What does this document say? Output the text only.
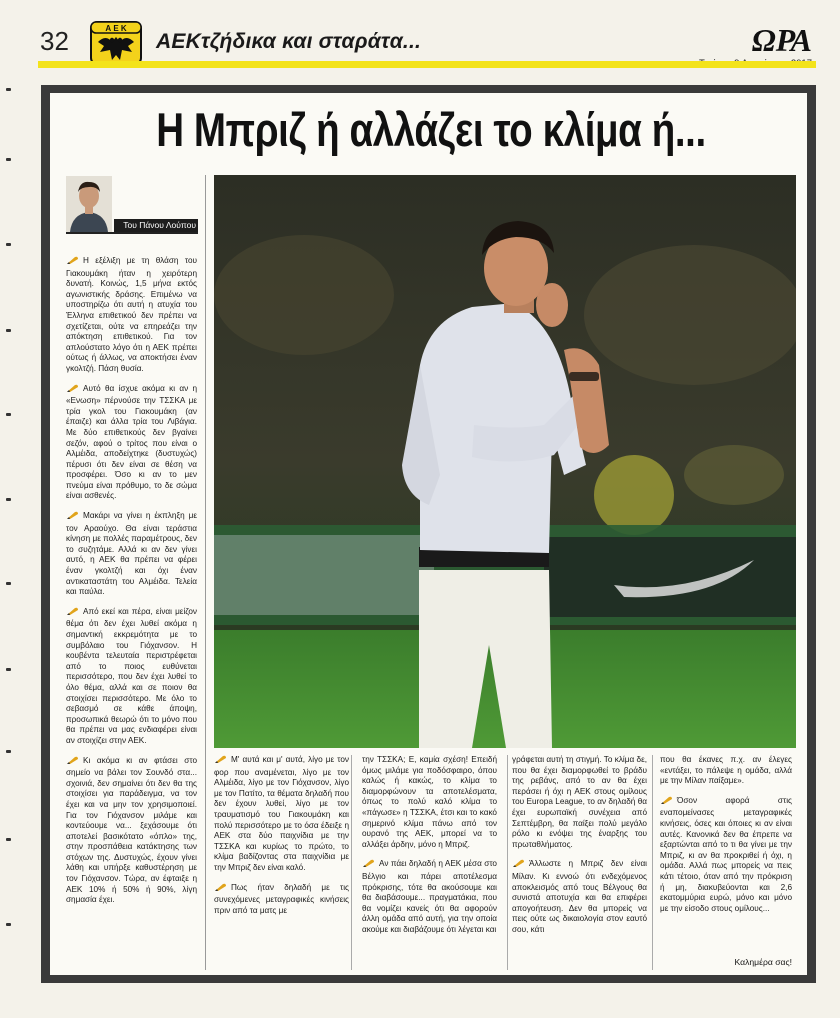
32	Α Ε Κ
ΑΕΚτζήδικα και σταράτα...	ΩΡΑ
Η Μπριζ ή αλλάζει το κλίμα ή...
Του Πάνου Λούπου

Η εξέλιξη με τη θλάση του Γιακουμάκη ήταν η χειρότερη δυνατή. Κοινώς, 1,5 μήνα εκτός αγωνιστικής δράσης. Επιμένω να υποστηρίζω ότι αυτή η ατυχία του Έλληνα επιθετικού δεν πρέπει να σχετίζεται, ούτε να επηρεάζει την απόκτηση επιθετικού. Για τον απλούστατο λόγο ότι η ΑΕΚ πρέπει ούτως ή άλλως, να αποκτήσει έναν γκολτζή. Πάση θυσία.

Αυτό θα ίσχυε ακόμα κι αν η «Ενωση» πέρνούσε την ΤΣΣΚΑ με τρία γκολ του Γιακουμάκη (αν έπαιζε) και άλλα τρία του Λιβάγια. Με δύο επιθετικούς δεν βγαίνει σεζόν, αφού ο τρίτος που είναι ο Αλμέιδα, αποδείχτηκε (δυστυχώς) πέρυσι ότι δεν είναι σε θέση να προσφέρει. Όσο κι αν το μεν πνεύμα είναι πρόθυμο, το δε σώμα είναι ασθενές.

Μακάρι να γίνει η έκπληξη με τον Αραούχο. Θα είναι τεράστια κίνηση με πολλές παραμέτρους, δεν το συζητάμε. Αλλά κι αν δεν γίνει αυτό, η ΑΕΚ θα πρέπει να φέρει έναν γκολτζή και όχι έναν αντικαταστάτη του Αλμέιδα. Τελεία και παύλα.

Από εκεί και πέρα, είναι μείζον θέμα ότι δεν έχει λυθεί ακόμα η σημαντική εκκρεμότητα με το συμβόλαιο του Γιόχανσον. Η κουβέντα τελευταία περιστρέφεται από το ποιος ευθύνεται περισσότερο, που δεν έχει λυθεί το όλο θέμα, αλλά και σε ποιον θα στοιχίσει περισσότερο. Με όλο το σεβασμό σε κάθε άποψη, προσωπικά θεωρώ ότι το μόνο που θα πρέπει να μας ενδιαφέρει είναι αν στοιχίζει στην ΑΕΚ.

Κι ακόμα κι αν φτάσει στο σημείο να βάλει τον Σουνδό στα... σχοινιά, δεν σημαίνει ότι δεν θα της στοιχίσει για παράδειγμα, να τον έχει και να μην τον χρησιμοποιεί. Για τον Γιόχανσον μιλάμε και κοντεύουμε να... ξεχάσουμε ότι αποτελεί βασικότατο «όπλο» της, στην προσπάθεια κατάκτησης των στόχων της. Δυστυχώς, έχουν γίνει λάθη και υπήρξε καθυστέρηση με τον Γιόχανσον. Τώρα, αν έφταιξε η ΑΕΚ 10% ή 50% ή 90%, λίγη σημασία έχει.

Μ' αυτά και μ' αυτά, λίγο με τον φορ που αναμένεται, λίγο με τον Αλμέιδα, λίγο με τον Γιόχανσον, λίγο με τον Πατίτο, τα θέματα δηλαδή που δεν έχουν λυθεί, λίγο με τον τραυματισμό του Γιακουμάκη και πολύ περισσότερο με το όσα έδειξε η ΑΕΚ στα δύο παιχνίδια με την ΤΣΣΚΑ και κυρίως το πρώτο, το κλίμα βαδίζοντας στα παιχνίδια με την Μπριζ δεν είναι καλό.

Πως ήταν δηλαδή με τις συνεχόμενες μεταγραφικές κινήσεις πριν από τα ματς με

την ΤΣΣΚΑ; Ε, καμία σχέση! Επειδή όμως μιλάμε για ποδόσφαιρο, όπου καλώς ή κακώς, το κλίμα το διαμορφώνουν τα αποτελέσματα, όπως το πολύ καλό κλίμα το «πάγωσε» η ΤΣΣΚΑ, έτσι και το κακό σημερινό κλίμα πάνω από τον ουρανό της ΑΕΚ, μπορεί να το αλλάξει άρδην, μόνο η Μπριζ.

Αν πάει δηλαδή η ΑΕΚ μέσα στο Βέλγιο και πάρει αποτέλεσμα πρόκρισης, τότε θα ακούσουμε και θα διαβάσουμε... πραγματάκια, που θα νομίζει κανείς ότι θα αφορούν άλλη ομάδα από αυτή, για την οποία ακούμε και διαβάζουμε ότι λέγεται και

γράφεται αυτή τη στιγμή. Το κλίμα δε, που θα έχει διαμορφωθεί το βράδυ της ρεβάνς, από το αν θα έχει περάσει ή όχι η ΑΕΚ στους ομίλους του Europa League, το αν δηλαδή θα έχει ευρωπαϊκή συνέχεια από Σεπτέμβρη, θα παίξει πολύ μεγάλο ρόλο κι ενόψει της έναρξης του πρωταθλήματος.

Άλλωστε η Μπριζ δεν είναι Μίλαν. Κι εννοώ ότι ενδεχόμενος αποκλεισμός από τους Βέλγους θα συνιστά αποτυχία και θα επιφέρει απογοήτευση. Δεν θα μπορείς να πεις ούτε ως δικαιολογία στον εαυτό σου, κάτι

που θα έκανες π.χ. αν έλεγες «εντάξει, το πάλεψε η ομάδα, αλλά με την Μίλαν παίξαμε».

Όσον αφορά στις εναπομείνασες μεταγραφικές κινήσεις, όσες και όποιες κι αν είναι αυτές. Κανονικά δεν θα έπρεπε να εξαρτώνται από το τι θα γίνει με την Μπριζ, κι αν θα προκριθεί ή όχι, η ομάδα. Αλλά πως μπορείς να πεις κάτι τέτοιο, όταν από την πρόκριση ή μη, διακυβεύονται και 2,6 εκατομμύρια ευρώ, μόνο και μόνο με την είσοδο στους ομίλους...

Καλημέρα σας!
